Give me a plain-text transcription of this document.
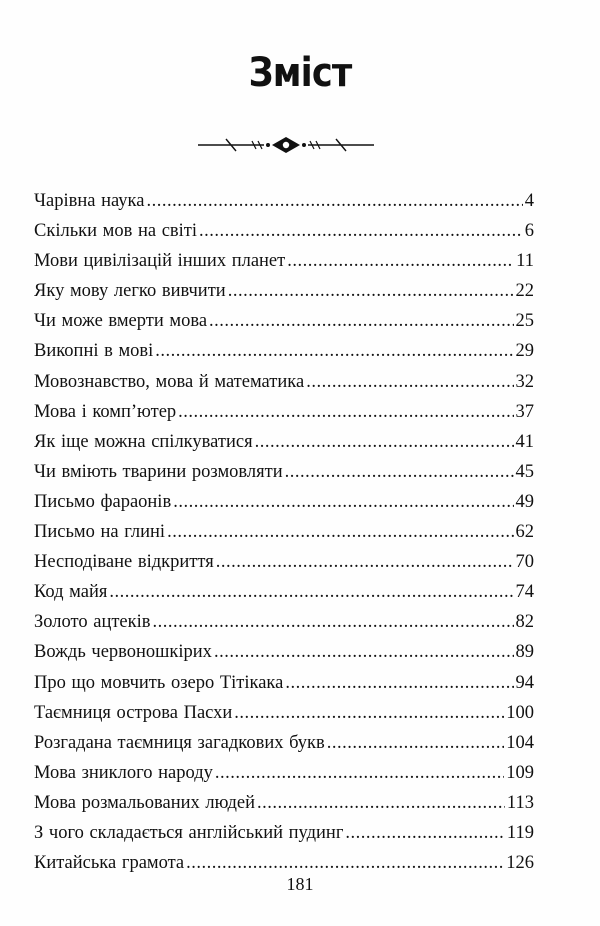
Зміст
Чарівна наука .....	4
Скільки мов на світі .....	6
Мови цивілізацій інших планет .....	11
Яку мову легко вивчити .....	22
Чи може вмерти мова .....	25
Викопні в мові .....	29
Мовознавство, мова й математика .....	32
Мова і комп’ютер .....	37
Як іще можна спілкуватися .....	41
Чи вміють тварини розмовляти .....	45
Письмо фараонів .....	49
Письмо на глині .....	62
Несподіване відкриття .....	70
Код майя .....	74
Золото ацтеків .....	82
Вождь червоношкірих .....	89
Про що мовчить озеро Тітікака .....	94
Таємниця острова Пасхи .....	100
Розгадана таємниця загадкових букв .....	104
Мова зниклого народу .....	109
Мова розмальованих людей .....	113
З чого складається англійський пудинг .....	119
Китайська грамота .....	126
181
